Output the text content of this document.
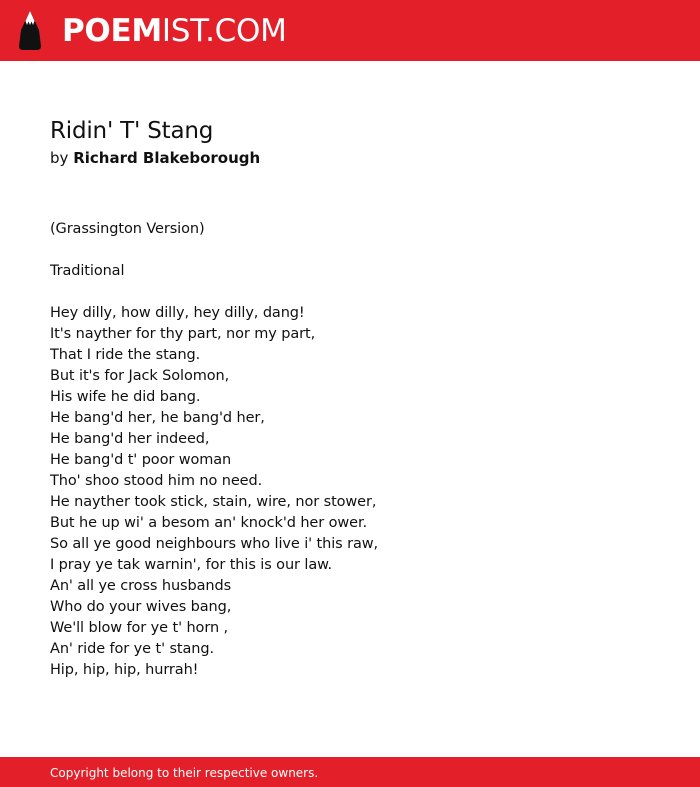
POEMIST.COM
Ridin' T' Stang
by Richard Blakeborough
(Grassington Version)
Traditional
Hey dilly, how dilly, hey dilly, dang!
It's nayther for thy part, nor my part,
That I ride the stang.
But it's for Jack Solomon,
His wife he did bang.
He bang'd her, he bang'd her,
He bang'd her indeed,
He bang'd t' poor woman
Tho' shoo stood him no need.
He nayther took stick, stain, wire, nor stower,
But he up wi' a besom an' knock'd her ower.
So all ye good neighbours who live i' this raw,
I pray ye tak warnin', for this is our law.
An' all ye cross husbands
Who do your wives bang,
We'll blow for ye t' horn ,
An' ride for ye t' stang.
Hip, hip, hip, hurrah!
Copyright belong to their respective owners.
